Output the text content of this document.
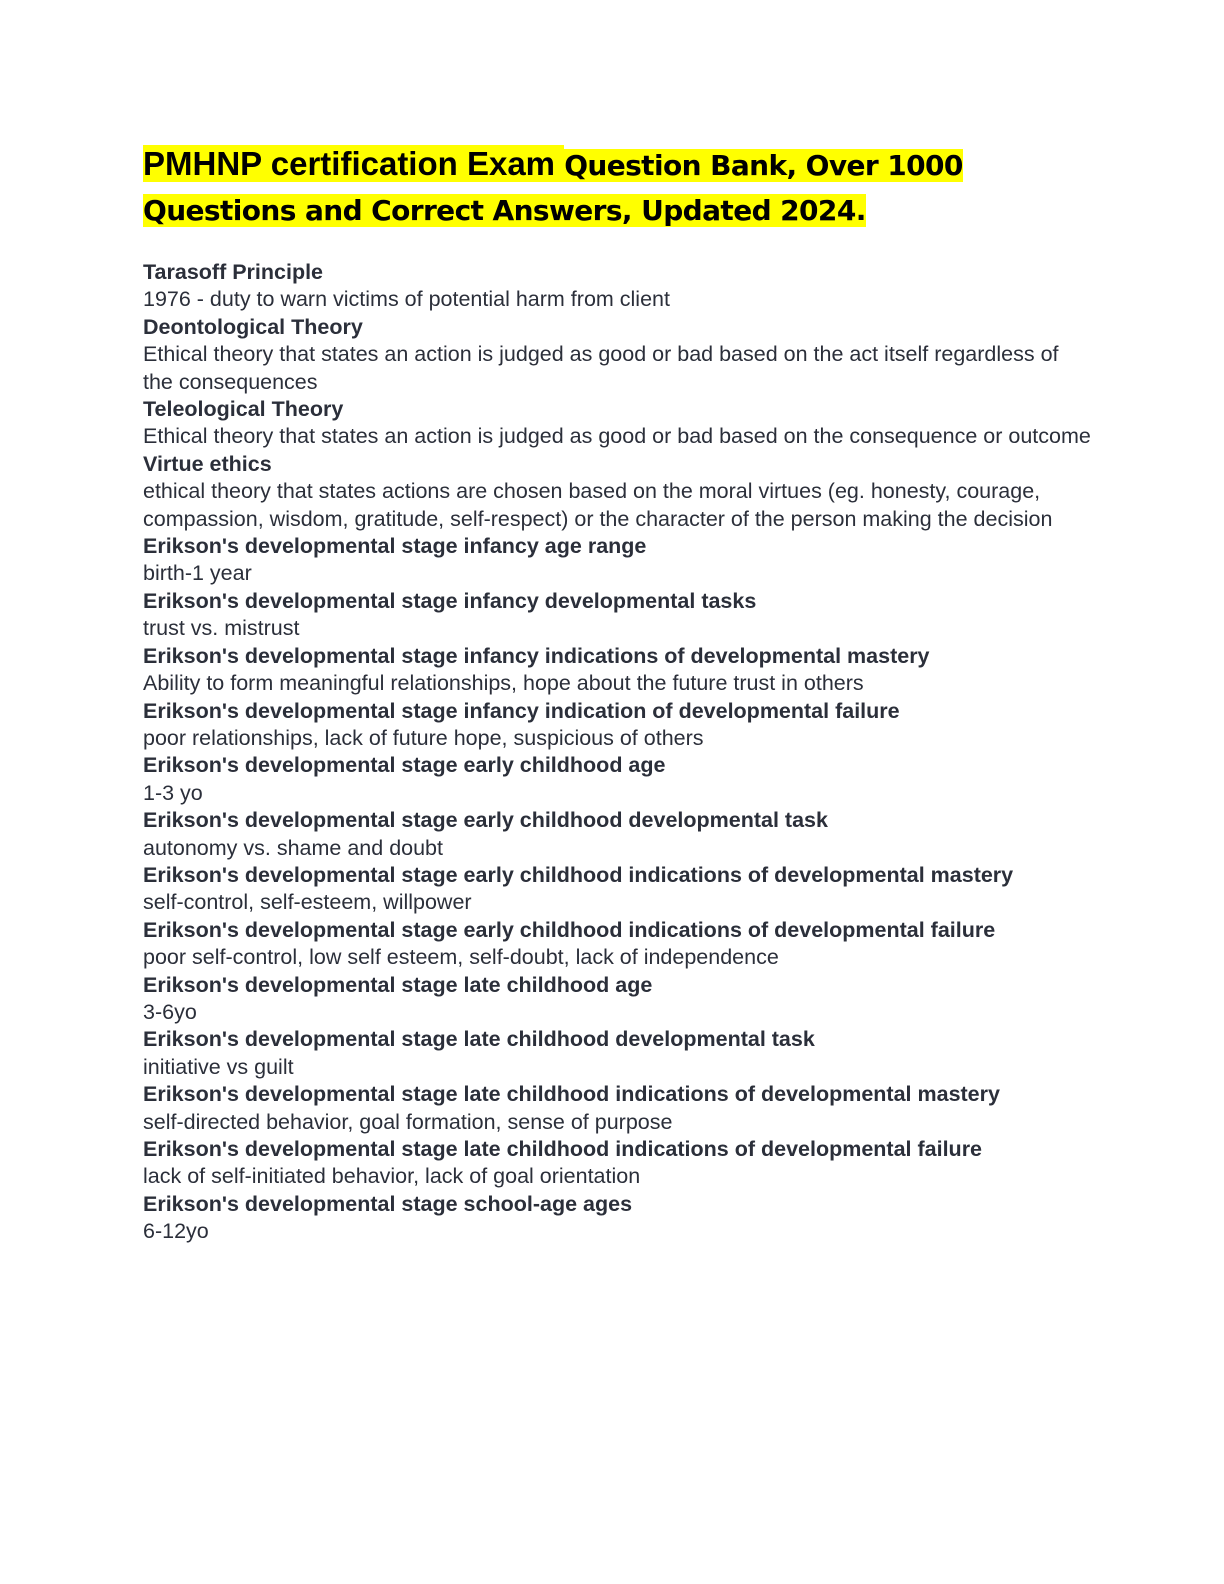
PMHNP certification Exam Question Bank, Over 1000 Questions and Correct Answers, Updated 2024.
Tarasoff Principle
1976 - duty to warn victims of potential harm from client
Deontological Theory
Ethical theory that states an action is judged as good or bad based on the act itself regardless of the consequences
Teleological Theory
Ethical theory that states an action is judged as good or bad based on the consequence or outcome
Virtue ethics
ethical theory that states actions are chosen based on the moral virtues (eg. honesty, courage, compassion, wisdom, gratitude, self-respect) or the character of the person making the decision
Erikson's developmental stage infancy age range
birth-1 year
Erikson's developmental stage infancy developmental tasks
trust vs. mistrust
Erikson's developmental stage infancy indications of developmental mastery
Ability to form meaningful relationships, hope about the future trust in others
Erikson's developmental stage infancy indication of developmental failure
poor relationships, lack of future hope, suspicious of others
Erikson's developmental stage early childhood age
1-3 yo
Erikson's developmental stage early childhood developmental task
autonomy vs. shame and doubt
Erikson's developmental stage early childhood indications of developmental mastery
self-control, self-esteem, willpower
Erikson's developmental stage early childhood indications of developmental failure
poor self-control, low self esteem, self-doubt, lack of independence
Erikson's developmental stage late childhood age
3-6yo
Erikson's developmental stage late childhood developmental task
initiative vs guilt
Erikson's developmental stage late childhood indications of developmental mastery
self-directed behavior, goal formation, sense of purpose
Erikson's developmental stage late childhood indications of developmental failure
lack of self-initiated behavior, lack of goal orientation
Erikson's developmental stage school-age ages
6-12yo
